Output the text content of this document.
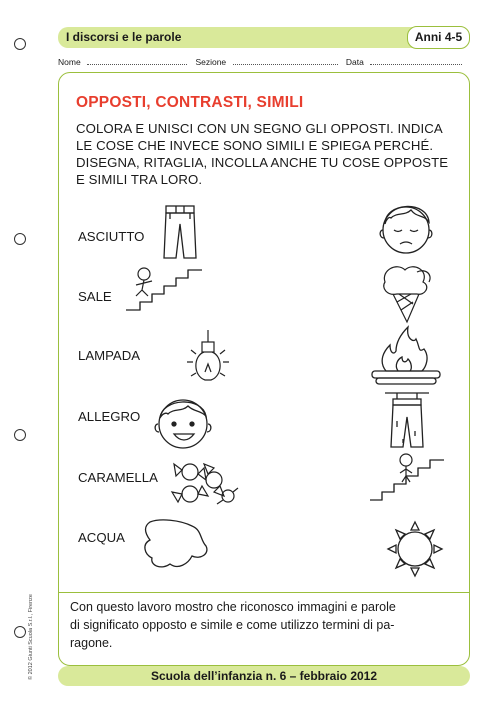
I discorsi e le parole	Anni 4-5
Nome	Sezione	Data
OPPOSTI, CONTRASTI, SIMILI
COLORA E UNISCI CON UN SEGNO GLI OPPOSTI. INDICA
LE COSE CHE INVECE SONO SIMILI E SPIEGA PERCHÉ.
DISEGNA, RITAGLIA, INCOLLA ANCHE TU COSE OPPOSTE
E SIMILI TRA LORO.
ASCIUTTO
SALE
LAMPADA
ALLEGRO
CARAMELLA
ACQUA
Con questo lavoro mostro che riconosco immagini e parole
di significato opposto e simile e come utilizzo termini di pa-
ragone.
Scuola dell’infanzia n. 6 – febbraio 2012
© 2012 Giunti Scuola S.r.l., Firenze
